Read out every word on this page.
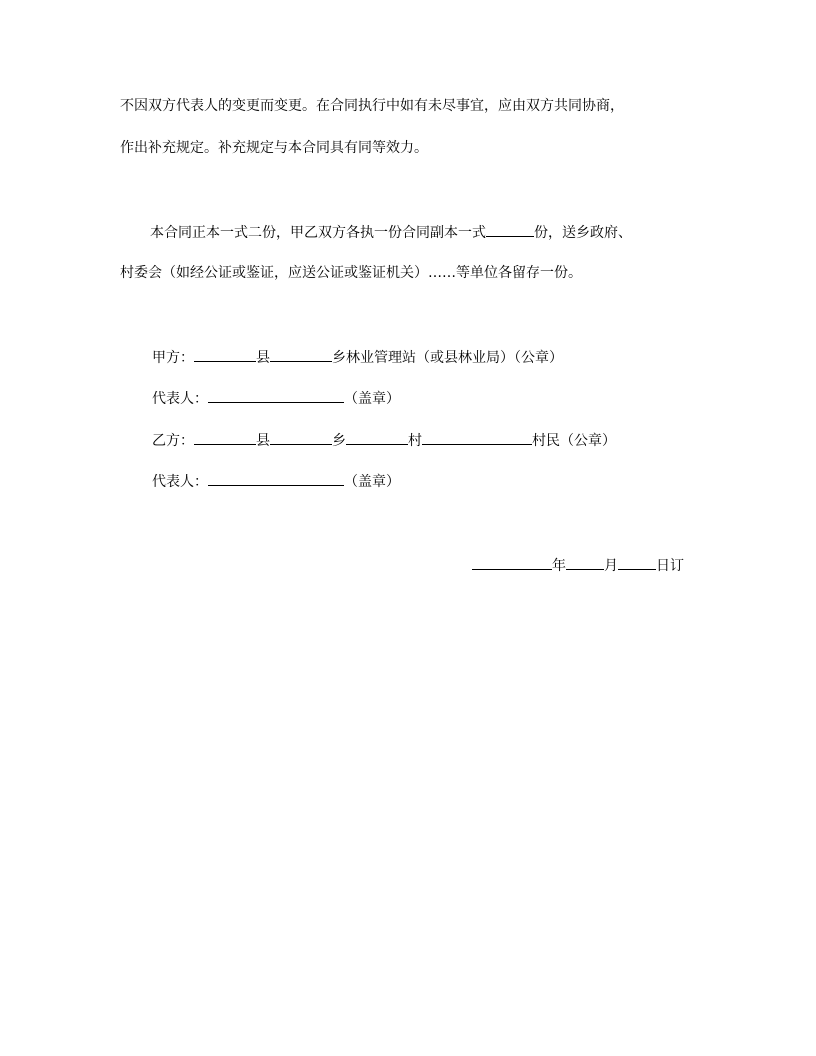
不因双方代表人的变更而变更。在合同执行中如有未尽事宜，应由双方共同协商，
作出补充规定。补充规定与本合同具有同等效力。
本合同正本一式二份，甲乙双方各执一份合同副本一式	份，送乡政府、
村委会（如经公证或鉴证，应送公证或鉴证机关）……等单位各留存一份。
甲方：	县	乡林业管理站（或县林业局）（公章）
代表人：	（盖章）
乙方：	县	乡	村	村民（公章）
代表人：	（盖章）
年	月	日订
